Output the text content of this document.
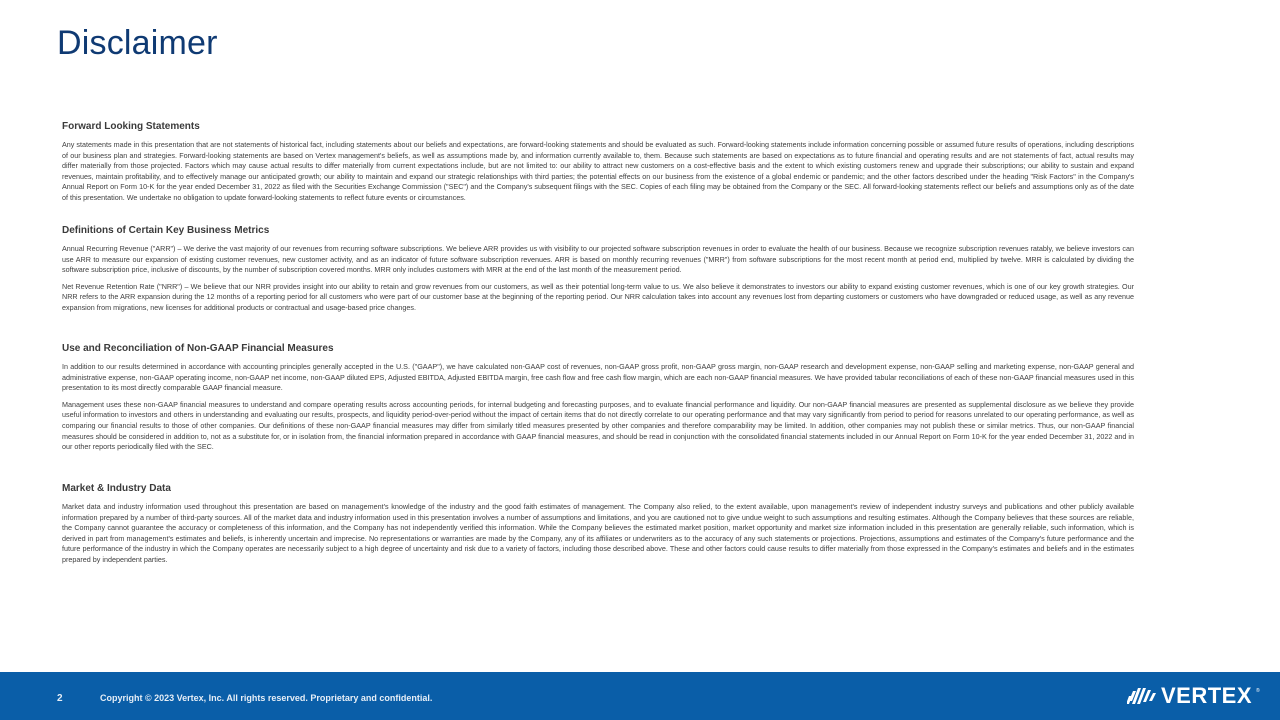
Disclaimer
Forward Looking Statements

Any statements made in this presentation that are not statements of historical fact, including statements about our beliefs and expectations, are forward-looking statements and should be evaluated as such. Forward-looking statements include information concerning possible or assumed future results of operations, including descriptions of our business plan and strategies. Forward-looking statements are based on Vertex management's beliefs, as well as assumptions made by, and information currently available to, them. Because such statements are based on expectations as to future financial and operating results and are not statements of fact, actual results may differ materially from those projected. Factors which may cause actual results to differ materially from current expectations include, but are not limited to: our ability to attract new customers on a cost-effective basis and the extent to which existing customers renew and upgrade their subscriptions; our ability to sustain and expand revenues, maintain profitability, and to effectively manage our anticipated growth; our ability to maintain and expand our strategic relationships with third parties; the potential effects on our business from the existence of a global endemic or pandemic; and the other factors described under the heading "Risk Factors" in the Company's Annual Report on Form 10-K for the year ended December 31, 2022 as filed with the Securities Exchange Commission ("SEC") and the Company's subsequent filings with the SEC. Copies of each filing may be obtained from the Company or the SEC. All forward-looking statements reflect our beliefs and assumptions only as of the date of this presentation. We undertake no obligation to update forward-looking statements to reflect future events or circumstances.

Definitions of Certain Key Business Metrics

Annual Recurring Revenue ("ARR") – We derive the vast majority of our revenues from recurring software subscriptions. We believe ARR provides us with visibility to our projected software subscription revenues in order to evaluate the health of our business. Because we recognize subscription revenues ratably, we believe investors can use ARR to measure our expansion of existing customer revenues, new customer activity, and as an indicator of future software subscription revenues. ARR is based on monthly recurring revenues ("MRR") from software subscriptions for the most recent month at period end, multiplied by twelve. MRR is calculated by dividing the software subscription price, inclusive of discounts, by the number of subscription covered months. MRR only includes customers with MRR at the end of the last month of the measurement period.

Net Revenue Retention Rate ("NRR") – We believe that our NRR provides insight into our ability to retain and grow revenues from our customers, as well as their potential long-term value to us. We also believe it demonstrates to investors our ability to expand existing customer revenues, which is one of our key growth strategies. Our NRR refers to the ARR expansion during the 12 months of a reporting period for all customers who were part of our customer base at the beginning of the reporting period. Our NRR calculation takes into account any revenues lost from departing customers or customers who have downgraded or reduced usage, as well as any revenue expansion from migrations, new licenses for additional products or contractual and usage-based price changes.

Use and Reconciliation of Non-GAAP Financial Measures

In addition to our results determined in accordance with accounting principles generally accepted in the U.S. ("GAAP"), we have calculated non-GAAP cost of revenues, non-GAAP gross profit, non-GAAP gross margin, non-GAAP research and development expense, non-GAAP selling and marketing expense, non-GAAP general and administrative expense, non-GAAP operating income, non-GAAP net income, non-GAAP diluted EPS, Adjusted EBITDA, Adjusted EBITDA margin, free cash flow and free cash flow margin, which are each non-GAAP financial measures. We have provided tabular reconciliations of each of these non-GAAP financial measures used in this presentation to its most directly comparable GAAP financial measure.

Management uses these non-GAAP financial measures to understand and compare operating results across accounting periods, for internal budgeting and forecasting purposes, and to evaluate financial performance and liquidity. Our non-GAAP financial measures are presented as supplemental disclosure as we believe they provide useful information to investors and others in understanding and evaluating our results, prospects, and liquidity period-over-period without the impact of certain items that do not directly correlate to our operating performance and that may vary significantly from period to period for reasons unrelated to our operating performance, as well as comparing our financial results to those of other companies. Our definitions of these non-GAAP financial measures may differ from similarly titled measures presented by other companies and therefore comparability may be limited. In addition, other companies may not publish these or similar metrics. Thus, our non-GAAP financial measures should be considered in addition to, not as a substitute for, or in isolation from, the financial information prepared in accordance with GAAP financial measures, and should be read in conjunction with the consolidated financial statements included in our Annual Report on Form 10-K for the year ended December 31, 2022 and in our other reports periodically filed with the SEC.

Market & Industry Data

Market data and industry information used throughout this presentation are based on management's knowledge of the industry and the good faith estimates of management. The Company also relied, to the extent available, upon management's review of independent industry surveys and publications and other publicly available information prepared by a number of third-party sources. All of the market data and industry information used in this presentation involves a number of assumptions and limitations, and you are cautioned not to give undue weight to such assumptions and resulting estimates. Although the Company believes that these sources are reliable, the Company cannot guarantee the accuracy or completeness of this information, and the Company has not independently verified this information. While the Company believes the estimated market position, market opportunity and market size information included in this presentation are generally reliable, such information, which is derived in part from management's estimates and beliefs, is inherently uncertain and imprecise. No representations or warranties are made by the Company, any of its affiliates or underwriters as to the accuracy of any such statements or projections. Projections, assumptions and estimates of the Company's future performance and the future performance of the industry in which the Company operates are necessarily subject to a high degree of uncertainty and risk due to a variety of factors, including those described above. These and other factors could cause results to differ materially from those expressed in the Company's estimates and beliefs and in the estimates prepared by independent parties.

2	Copyright © 2023 Vertex, Inc. All rights reserved. Proprietary and confidential.	VERTEX ®
